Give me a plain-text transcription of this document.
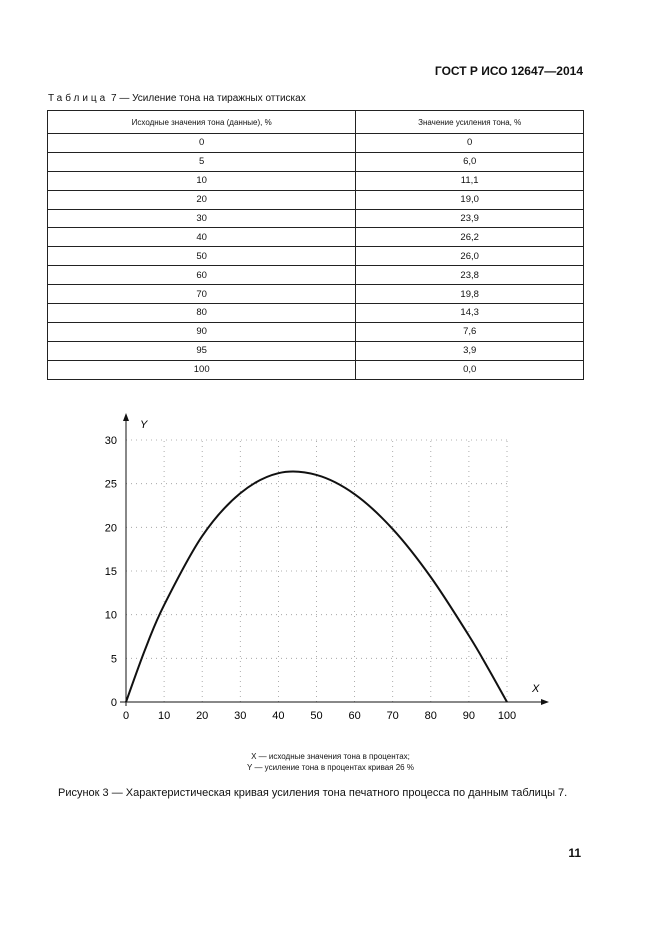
ГОСТ Р ИСО 12647—2014
Таблица 7 — Усиление тона на тиражных оттисках
Исходные значения тона (данные), %	Значение усиления тона, %
0	0
5	6,0
10	11,1
20	19,0
30	23,9
40	26,2
50	26,0
60	23,8
70	19,8
80	14,3
90	7,6
95	3,9
100	0,0
X
Y
0	10 20 30 40 50 60 70 80 90 100
0
5
10
15
20
25
30
X — исходные значения тона в процентах;
Y — усиление тона в процентах кривая 26 %
Рисунок 3 — Характеристическая кривая усиления тона печатного процесса по данным таблицы 7.
11
